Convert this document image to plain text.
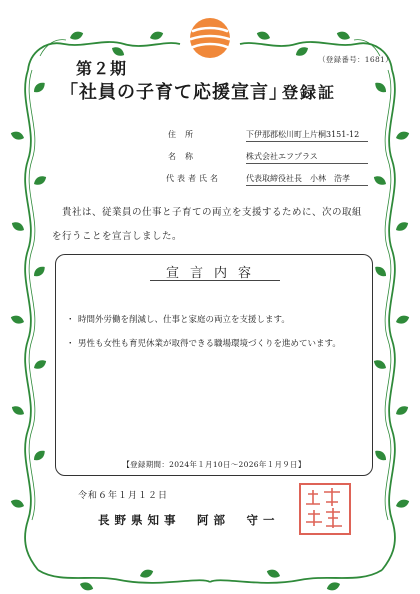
（登録番号：1681）
第２期
「社員の子育て応援宣言」
登録証
住所	下伊那郡松川町上片桐3151-12
名称	株式会社エフプラス
代表者氏名	代表取締役社長　小林　浩孝
貴社は、従業員の仕事と子育ての両立を支援するために、次の取組を行うことを宣言しました。
宣言内容
・ 時間外労働を削減し、仕事と家庭の両立を支援します。
・ 男性も女性も育児休業が取得できる職場環境づくりを進めています。
【登録期間：2024年１月10日～2026年１月９日】
令和６年１月１２日
長野県知事　阿部　守一
